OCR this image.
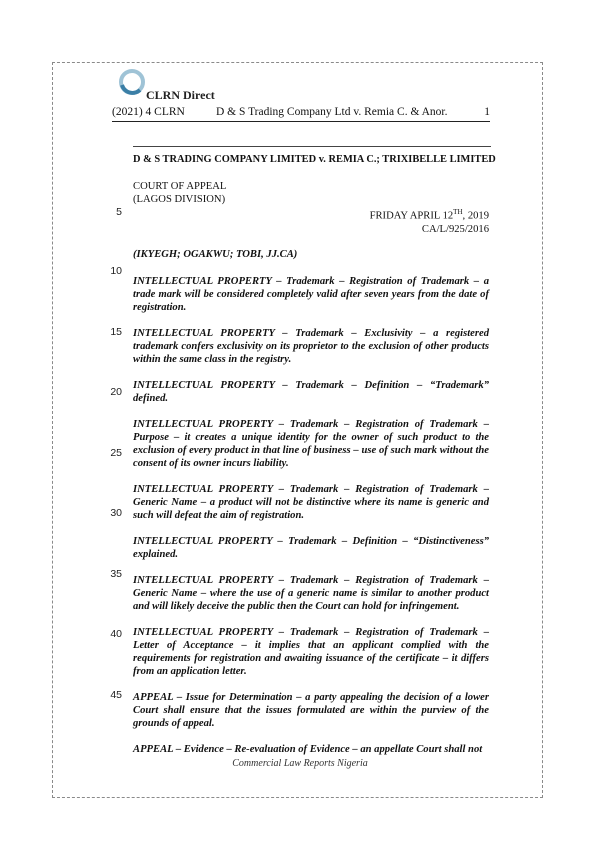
CLRN Direct
(2021) 4 CLRN	D & S Trading Company Ltd v. Remia C. & Anor.	1

D & S TRADING COMPANY LIMITED v. REMIA C.; TRIXIBELLE LIMITED

COURT OF APPEAL
(LAGOS DIVISION)
FRIDAY APRIL 12TH, 2019
CA/L/925/2016
(IKYEGH; OGAKWU; TOBI, JJ.CA)

INTELLECTUAL PROPERTY – Trademark – Registration of Trademark – a trade mark will be considered completely valid after seven years from the date of registration.

INTELLECTUAL PROPERTY – Trademark – Exclusivity – a registered trademark confers exclusivity on its proprietor to the exclusion of other products within the same class in the registry.

INTELLECTUAL PROPERTY – Trademark – Definition – “Trademark” defined.

INTELLECTUAL PROPERTY – Trademark – Registration of Trademark –Purpose – it creates a unique identity for the owner of such product to the exclusion of every product in that line of business – use of such mark without the consent of its owner incurs liability.

INTELLECTUAL PROPERTY – Trademark – Registration of Trademark –Generic Name – a product will not be distinctive where its name is generic and such will defeat the aim of registration.

INTELLECTUAL PROPERTY – Trademark – Definition – “Distinctiveness” explained.

INTELLECTUAL PROPERTY – Trademark – Registration of Trademark –Generic Name – where the use of a generic name is similar to another product and will likely deceive the public then the Court can hold for infringement.

INTELLECTUAL PROPERTY – Trademark – Registration of Trademark –Letter of Acceptance – it implies that an applicant complied with the requirements for registration and awaiting issuance of the certificate – it differs from an application letter.

APPEAL – Issue for Determination – a party appealing the decision of a lower Court shall ensure that the issues formulated are within the purview of the grounds of appeal.

APPEAL – Evidence – Re-evaluation of Evidence – an appellate Court shall not

5
10
15
20
25
30
35
40
45
Commercial Law Reports Nigeria
